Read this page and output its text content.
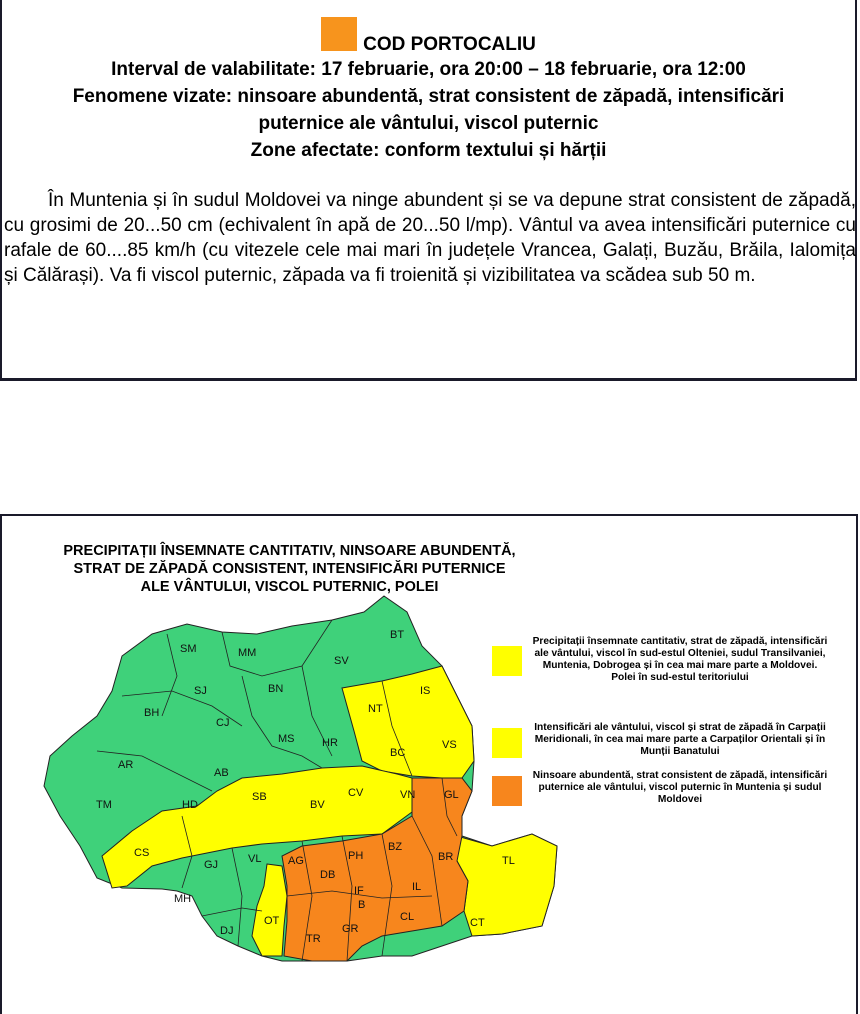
COD PORTOCALIU
Interval de valabilitate: 17 februarie, ora 20:00 – 18 februarie, ora 12:00
Fenomene vizate: ninsoare abundentă, strat consistent de zăpadă, intensificări
puternice ale vântului, viscol puternic
Zone afectate: conform textului și hărții
În Muntenia și în sudul Moldovei va ninge abundent și se va depune strat consistent de zăpadă, cu grosimi de 20...50 cm (echivalent în apă de 20...50 l/mp). Vântul va avea intensificări puternice cu rafale de 60....85 km/h (cu vitezele cele mai mari în județele Vrancea, Galați, Buzău, Brăila, Ialomița și Călărași). Va fi viscol puternic, zăpada va fi troienită și vizibilitatea va scădea sub 50 m.
SM	MM
BT
SV
SJ	BN	IS
BH
CJ
NT
MS	HR
BC
VS
AR
AB
TM	HD
SB
BV
CV	VN	GL
CS
GJ	VL AG	PH
BZ
BR	TL
DB
IF
B
IL
MH
DJ
OT
TR
GR
CL	CT
PRECIPITAȚII ÎNSEMNATE CANTITATIV, NINSOARE ABUNDENTĂ, STRAT DE ZĂPADĂ CONSISTENT, INTENSIFICĂRI PUTERNICE ALE VÂNTULUI, VISCOL PUTERNIC, POLEI
Precipitații însemnate cantitativ, strat de zăpadă, intensificări ale vântului, viscol în sud-estul Olteniei, sudul Transilvaniei, Muntenia, Dobrogea și în cea mai mare parte a Moldovei. Polei în sud-estul teritoriului
Intensificări ale vântului, viscol și strat de zăpadă în Carpații Meridionali, în cea mai mare parte a Carpaților Orientali și în Munții Banatului
Ninsoare abundentă, strat consistent de zăpadă, intensificări puternice ale vântului, viscol puternic în Muntenia și sudul Moldovei
